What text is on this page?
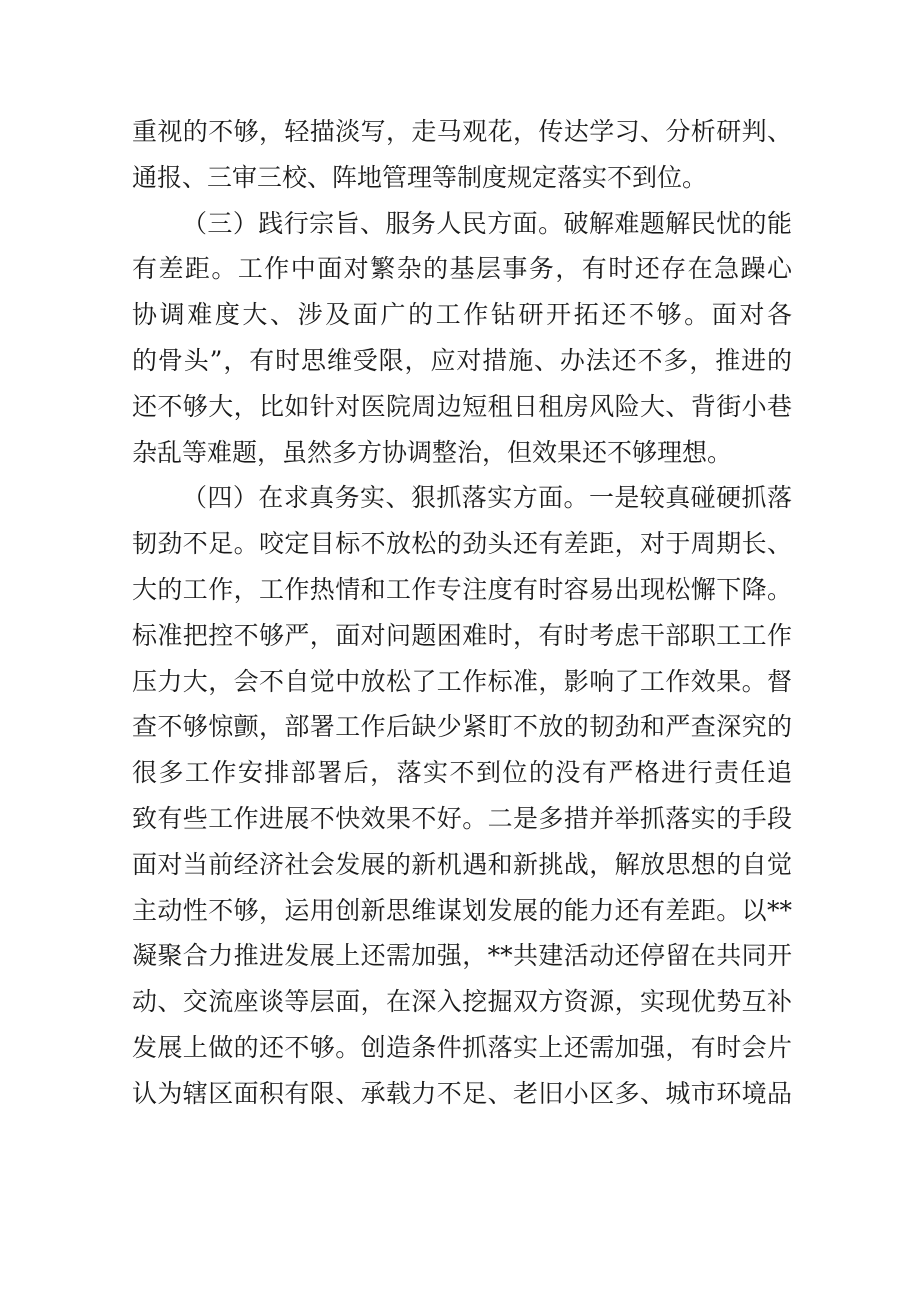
重视的不够，轻描淡写，走马观花，传达学习、分析研判、
通报、三审三校、阵地管理等制度规定落实不到位。
（三）践行宗旨、服务人民方面。破解难题解民忧的能
有差距。工作中面对繁杂的基层事务，有时还存在急躁心
协调难度大、涉及面广的工作钻研开拓还不够。面对各
的骨头”，有时思维受限，应对措施、办法还不多，推进的
还不够大，比如针对医院周边短租日租房风险大、背街小巷
杂乱等难题，虽然多方协调整治，但效果还不够理想。
（四）在求真务实、狠抓落实方面。一是较真碰硬抓落
韧劲不足。咬定目标不放松的劲头还有差距，对于周期长、
大的工作，工作热情和工作专注度有时容易出现松懈下降。
标准把控不够严，面对问题困难时，有时考虑干部职工工作
压力大，会不自觉中放松了工作标准，影响了工作效果。督
查不够惊颤，部署工作后缺少紧盯不放的韧劲和严查深究的
很多工作安排部署后，落实不到位的没有严格进行责任追
致有些工作进展不快效果不好。二是多措并举抓落实的手段
面对当前经济社会发展的新机遇和新挑战，解放思想的自觉
主动性不够，运用创新思维谋划发展的能力还有差距。以**
凝聚合力推进发展上还需加强，**共建活动还停留在共同开
动、交流座谈等层面，在深入挖掘双方资源，实现优势互补
发展上做的还不够。创造条件抓落实上还需加强，有时会片
认为辖区面积有限、承载力不足、老旧小区多、城市环境品
